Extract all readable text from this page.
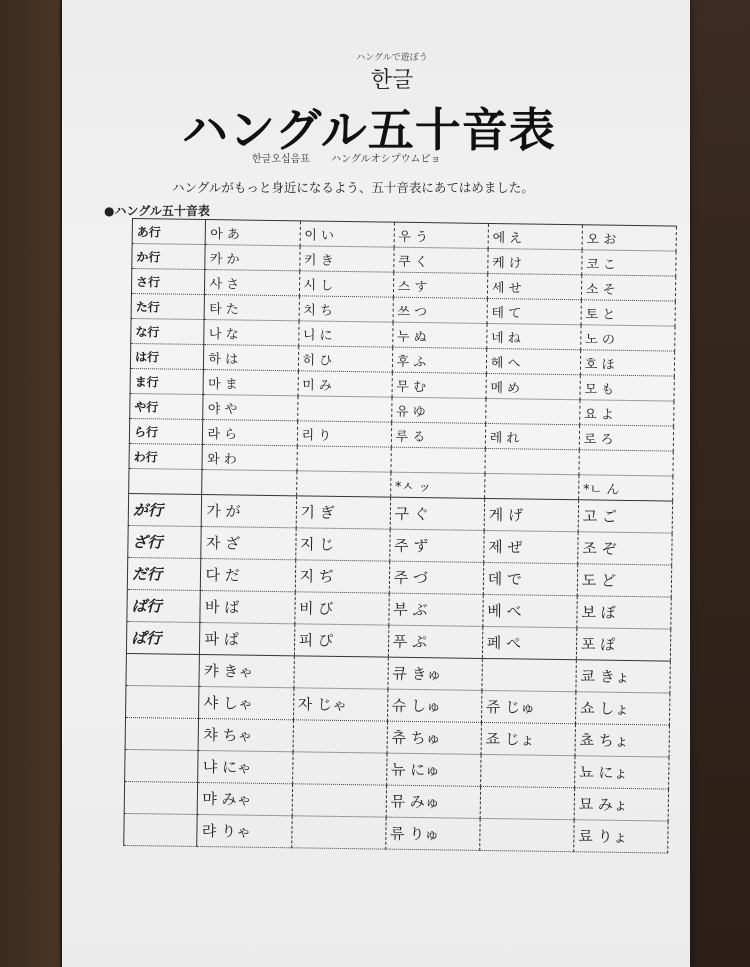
ハングルで遊ぼう
한글
ハングル五十音表
한글오십음표 ハングルオシプウムピョ
ハングルがもっと身近になるよう、五十音表にあてはめました。
●ハングル五十音表
あ行	아 あ	이 い	우 う	에 え	오 お
か行	카 か	키 き	쿠 く	케 け	코 こ
さ行	사 さ	시 し	스 す	세 せ	소 そ
た行	타 た	치 ち	쓰 つ	테 て	토 と
な行	나 な	니 に	누 ぬ	네 ね	노 の
は行	하 は	히 ひ	후 ふ	헤 へ	호 ほ
ま行	마 ま	미 み	무 む	메 め	모 も
や行	야 や		유 ゆ		요 よ
ら行	라 ら	리 り	루 る	레 れ	로 ろ
わ行	와 わ				
			*ㅅ ッ		*ㄴ ん
が行	가 が	기 ぎ	구 ぐ	게 げ	고 ご
ざ行	자 ざ	지 じ	주 ず	제 ぜ	조 ぞ
だ行	다 だ	지 ぢ	주 づ	데 で	도 ど
ば行	바 ば	비 び	부 ぶ	베 べ	보 ぼ
ぱ行	파 ぱ	피 ぴ	푸 ぷ	페 ぺ	포 ぽ
	캬 きゃ		큐 きゅ		쿄 きょ
	샤 しゃ	자 じゃ	슈 しゅ	쥬 じゅ	쇼 しょ
	챠 ちゃ		츄 ちゅ	죠 じょ	쵸 ちょ
	냐 にゃ		뉴 にゅ		뇨 にょ
	먀 みゃ		뮤 みゅ		묘 みょ
	랴 りゃ		류 りゅ		료 りょ
